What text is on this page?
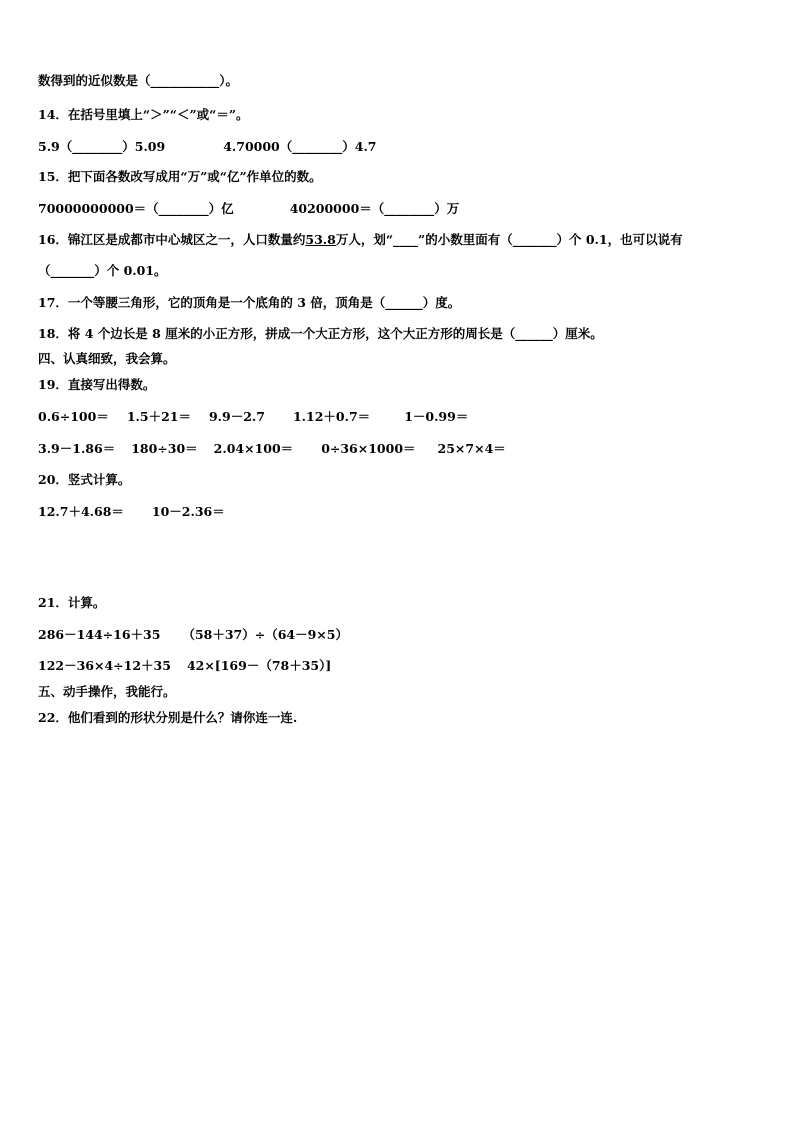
数得到的近似数是（___________）。
14．在括号里填上“＞”“＜”或“＝”。
5.9（________）5.09	4.70000（________）4.7
15．把下面各数改写成用“万”或“亿”作单位的数。
70000000000＝（________）亿	40200000＝（________）万
16．锦江区是成都市中心城区之一，人口数量约53.8万人，划“____”的小数里面有（_______）个 0.1，也可以说有
（_______）个 0.01。
17．一个等腰三角形，它的顶角是一个底角的 3 倍，顶角是（______）度。
18．将 4 个边长是 8 厘米的小正方形，拼成一个大正方形，这个大正方形的周长是（______）厘米。
四、认真细致，我会算。
19．直接写出得数。
0.6÷100＝ 1.5＋21＝ 9.9－2.7 1.12＋0.7＝	1－0.99＝
3.9－1.86＝ 180÷30＝ 2.04×100＝ 0÷36×1000＝ 25×7×4＝
20．竖式计算。
12.7＋4.68＝ 10－2.36＝
21．计算。
286－144÷16＋35 （58＋37）÷（64－9×5）
122－36×4÷12＋35 42×[169－（78＋35）]
五、动手操作，我能行。
22．他们看到的形状分别是什么？请你连一连.
